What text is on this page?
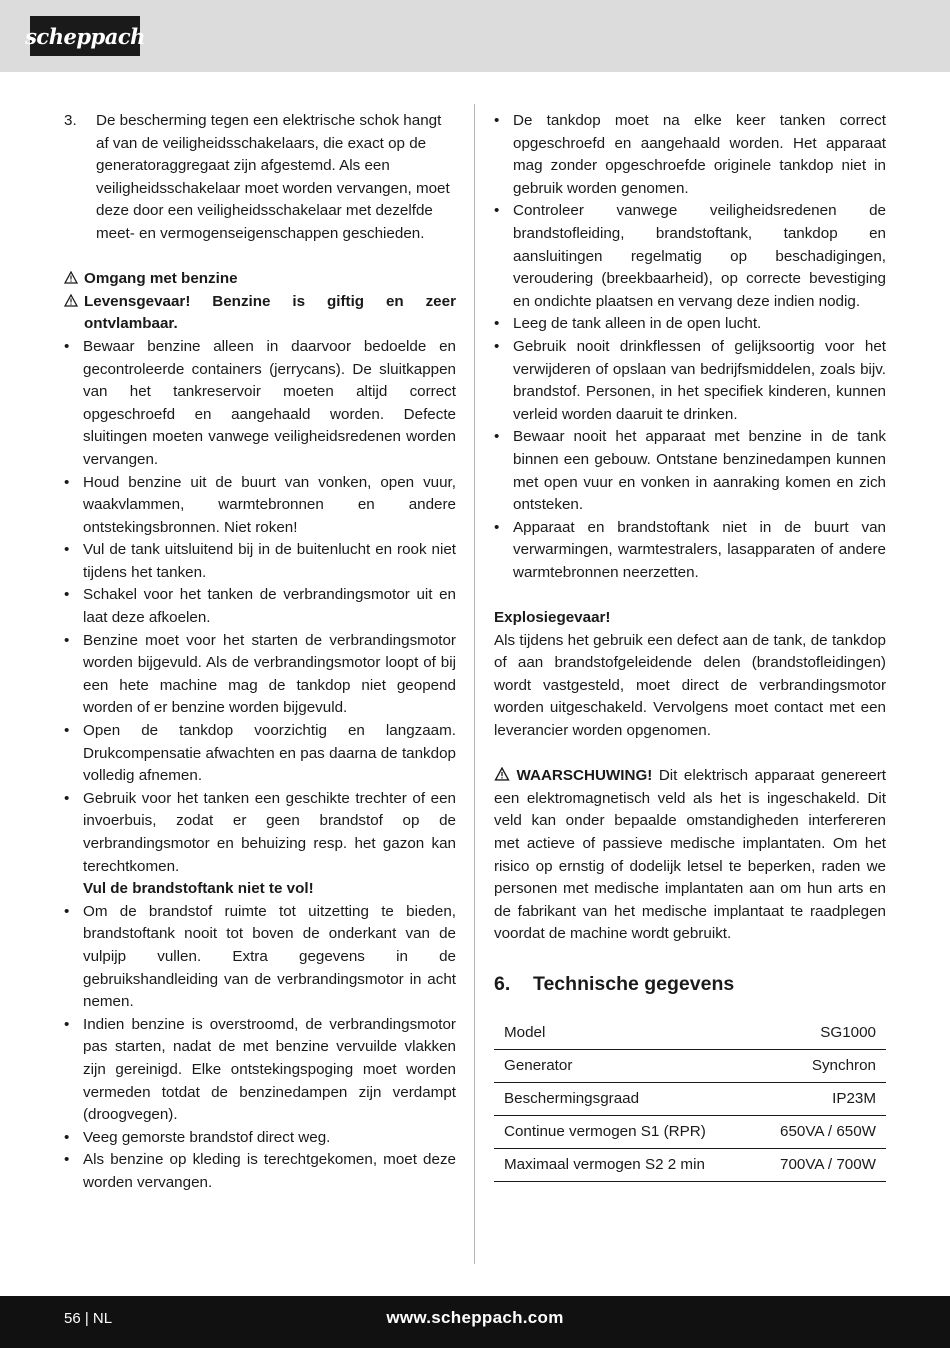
scheppach
3.	De bescherming tegen een elektrische schok hangt af van de veiligheidsschakelaars, die exact op de generatoraggregaat zijn afgestemd. Als een veiligheidsschakelaar moet worden vervangen, moet deze door een veiligheidsschakelaar met dezelfde meet- en vermogenseigenschappen geschieden.
Omgang met benzine
Levensgevaar! Benzine is giftig en zeer ontvlambaar.
• Bewaar benzine alleen in daarvoor bedoelde en gecontroleerde containers (jerrycans). De sluitkappen van het tankreservoir moeten altijd correct opgeschroefd en aangehaald worden. Defecte sluitingen moeten vanwege veiligheidsredenen worden vervangen.
• Houd benzine uit de buurt van vonken, open vuur, waakvlammen, warmtebronnen en andere ontstekingsbronnen. Niet roken!
• Vul de tank uitsluitend bij in de buitenlucht en rook niet tijdens het tanken.
• Schakel voor het tanken de verbrandingsmotor uit en laat deze afkoelen.
• Benzine moet voor het starten de verbrandingsmotor worden bijgevuld. Als de verbrandingsmotor loopt of bij een hete machine mag de tankdop niet geopend worden of er benzine worden bijgevuld.
• Open de tankdop voorzichtig en langzaam. Drukcompensatie afwachten en pas daarna de tankdop volledig afnemen.
• Gebruik voor het tanken een geschikte trechter of een invoerbuis, zodat er geen brandstof op de verbrandingsmotor en behuizing resp. het gazon kan terechtkomen.
Vul de brandstoftank niet te vol!
• Om de brandstof ruimte tot uitzetting te bieden, brandstoftank nooit tot boven de onderkant van de vulpijp vullen. Extra gegevens in de gebruikshandleiding van de verbrandingsmotor in acht nemen.
• Indien benzine is overstroomd, de verbrandingsmotor pas starten, nadat de met benzine vervuilde vlakken zijn gereinigd. Elke ontstekingspoging moet worden vermeden totdat de benzinedampen zijn verdampt (droogvegen).
• Veeg gemorste brandstof direct weg.
• Als benzine op kleding is terechtgekomen, moet deze worden vervangen.
• De tankdop moet na elke keer tanken correct opgeschroefd en aangehaald worden. Het apparaat mag zonder opgeschroefde originele tankdop niet in gebruik worden genomen.
• Controleer vanwege veiligheidsredenen de brandstofleiding, brandstoftank, tankdop en aansluitingen regelmatig op beschadigingen, veroudering (breekbaarheid), op correcte bevestiging en ondichte plaatsen en vervang deze indien nodig.
• Leeg de tank alleen in de open lucht.
• Gebruik nooit drinkflessen of gelijksoortig voor het verwijderen of opslaan van bedrijfsmiddelen, zoals bijv. brandstof. Personen, in het specifiek kinderen, kunnen verleid worden daaruit te drinken.
• Bewaar nooit het apparaat met benzine in de tank binnen een gebouw. Ontstane benzinedampen kunnen met open vuur en vonken in aanraking komen en zich ontsteken.
• Apparaat en brandstoftank niet in de buurt van verwarmingen, warmtestralers, lasapparaten of andere warmtebronnen neerzetten.
Explosiegevaar!

Als tijdens het gebruik een defect aan de tank, de tankdop of aan brandstofgeleidende delen (brandstofleidingen) wordt vastgesteld, moet direct de verbrandingsmotor worden uitgeschakeld. Vervolgens moet contact met een leverancier worden opgenomen.

WAARSCHUWING! Dit elektrisch apparaat genereert een elektromagnetisch veld als het is ingeschakeld. Dit veld kan onder bepaalde omstandigheden interfereren met actieve of passieve medische implantaten. Om het risico op ernstig of dodelijk letsel te beperken, raden we personen met medische implantaten aan om hun arts en de fabrikant van het medische implantaat te raadplegen voordat de machine wordt gebruikt.

6.	Technische gegevens
Model	SG1000
Generator	Synchron
Beschermingsgraad	IP23M
Continue vermogen S1 (RPR)	650VA / 650W
Maximaal vermogen S2 2 min	700VA / 700W
56 | NL	www.scheppach.com
